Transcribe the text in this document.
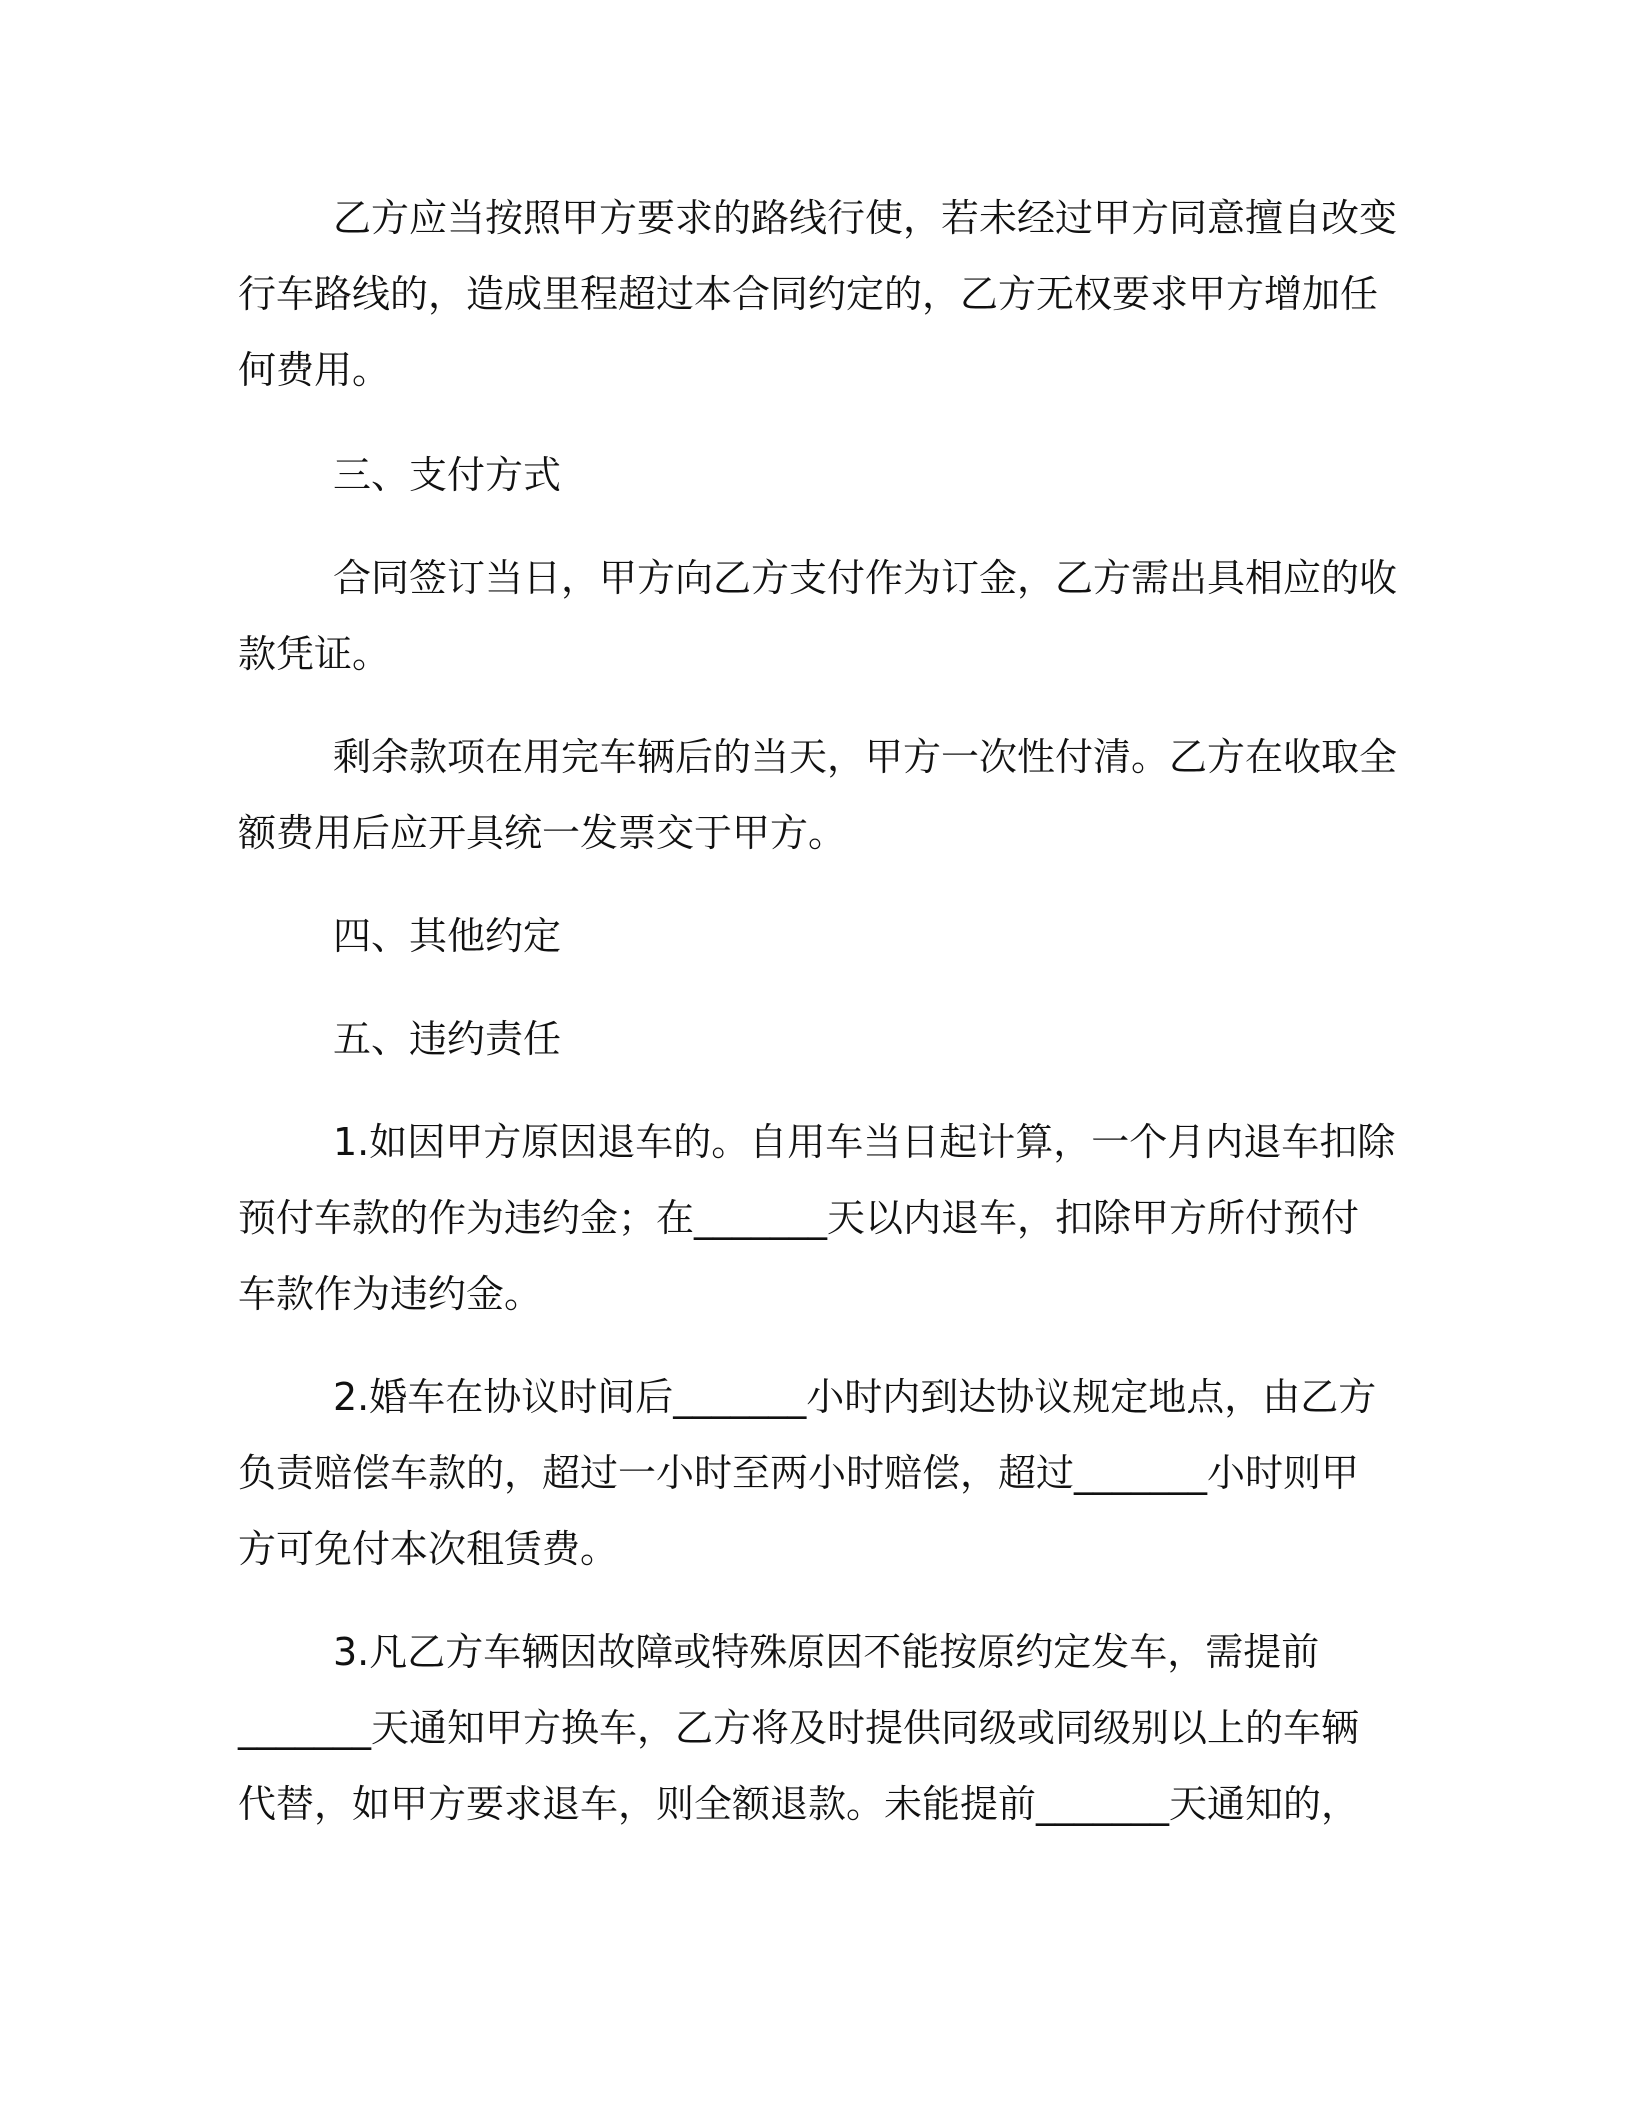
乙方应当按照甲方要求的路线行使，若未经过甲方同意擅自改变
行车路线的，造成里程超过本合同约定的，乙方无权要求甲方增加任
何费用。
三、支付方式
合同签订当日，甲方向乙方支付作为订金，乙方需出具相应的收
款凭证。
剩余款项在用完车辆后的当天，甲方一次性付清。乙方在收取全
额费用后应开具统一发票交于甲方。
四、其他约定
五、违约责任
1.如因甲方原因退车的。自用车当日起计算，一个月内退车扣除
预付车款的作为违约金；在_______天以内退车，扣除甲方所付预付
车款作为违约金。
2.婚车在协议时间后_______小时内到达协议规定地点，由乙方
负责赔偿车款的，超过一小时至两小时赔偿，超过_______小时则甲
方可免付本次租赁费。
3.凡乙方车辆因故障或特殊原因不能按原约定发车，需提前
_______天通知甲方换车，乙方将及时提供同级或同级别以上的车辆
代替，如甲方要求退车，则全额退款。未能提前_______天通知的，
